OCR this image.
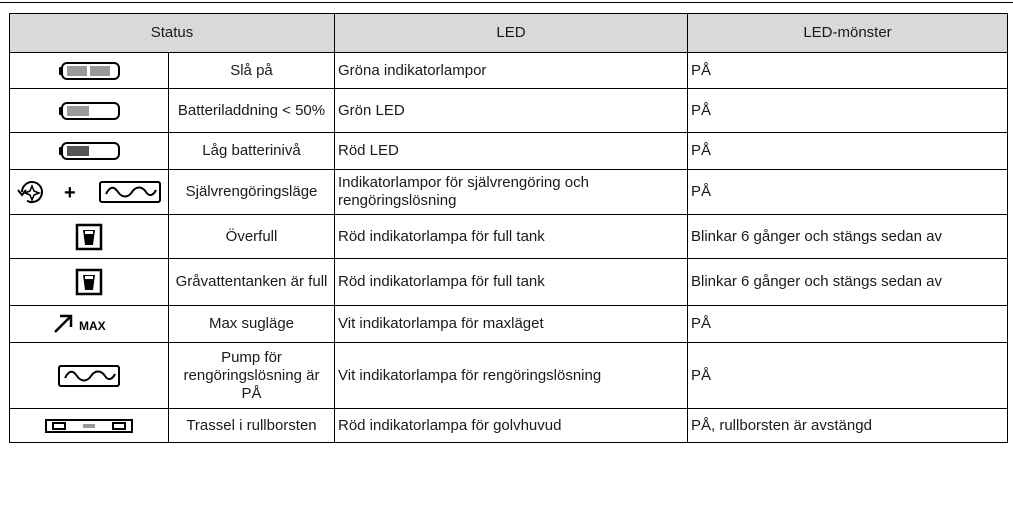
Status		LED	LED-mönster

	Slå på	Gröna indikatorlampor	PÅ

	Batteriladdning < 50%	Grön LED	PÅ

	Låg batterinivå	Röd LED	PÅ

+	Självrengöringsläge	Indikatorlampor för självrengöring och rengöringslösning	PÅ

	Överfull	Röd indikatorlampa för full tank	Blinkar 6 gånger och stängs sedan av

	Gråvattentanken är full	Röd indikatorlampa för full tank	Blinkar 6 gånger och stängs sedan av

MAX	Max sugläge	Vit indikatorlampa för maxläget	PÅ

	Pump för rengöringslösning är PÅ	Vit indikatorlampa för rengöringslösning	PÅ

	Trassel i rullborsten	Röd indikatorlampa för golvhuvud	PÅ, rullborsten är avstängd
